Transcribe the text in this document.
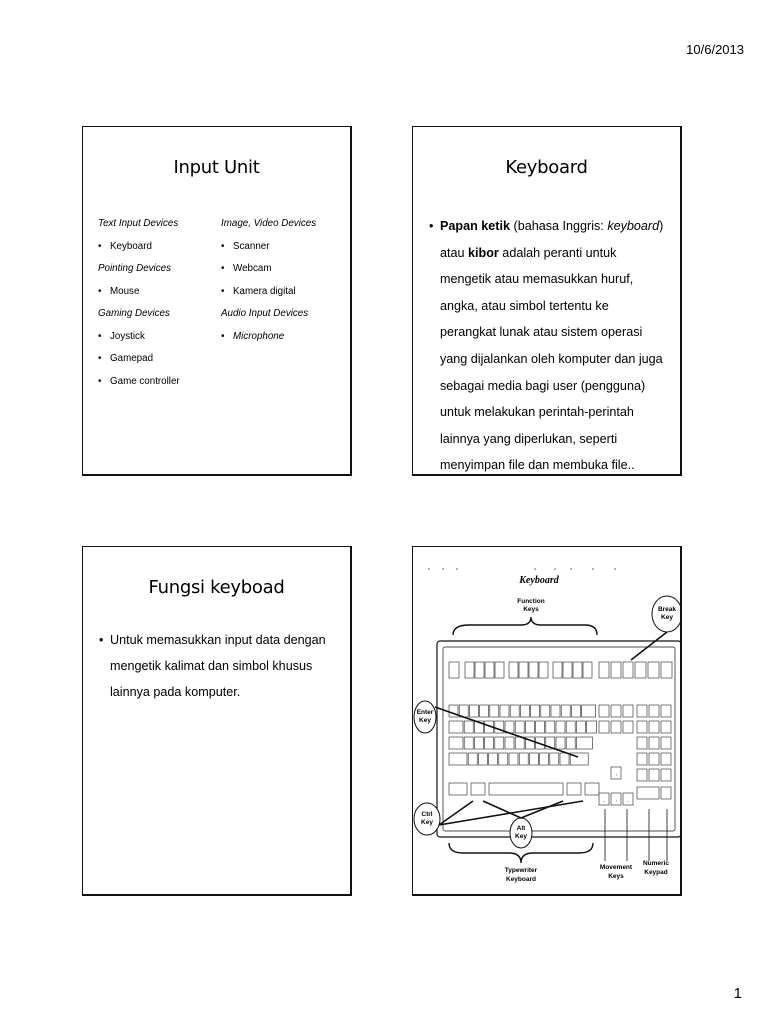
10/6/2013
Input Unit
Text Input Devices
• Keyboard
Pointing Devices
• Mouse
Gaming Devices
• Joystick
• Gamepad
• Game controller
Image, Video Devices
• Scanner
• Webcam
• Kamera digital
Audio Input Devices
• Microphone
Keyboard

• Papan ketik (bahasa Inggris: keyboard) atau kibor adalah peranti untuk mengetik atau memasukkan huruf, angka, atau simbol tertentu ke perangkat lunak atau sistem operasi yang dijalankan oleh komputer dan juga sebagai media bagi user (pengguna) untuk melakukan perintah-perintah lainnya yang diperlukan, seperti menyimpan file dan membuka file..

Fungsi keyboad

• Untuk memasukkan input data dengan mengetik kalimat dan simbol khusus lainnya pada komputer.

Keyboard
Function
Keys	Break
Key
↑
← ↓ →
Enter
Key
Ctrl
Key
Alt
Key
Typewriter
Keyboard
Movement
Keys
Numeric
Keypad
1
